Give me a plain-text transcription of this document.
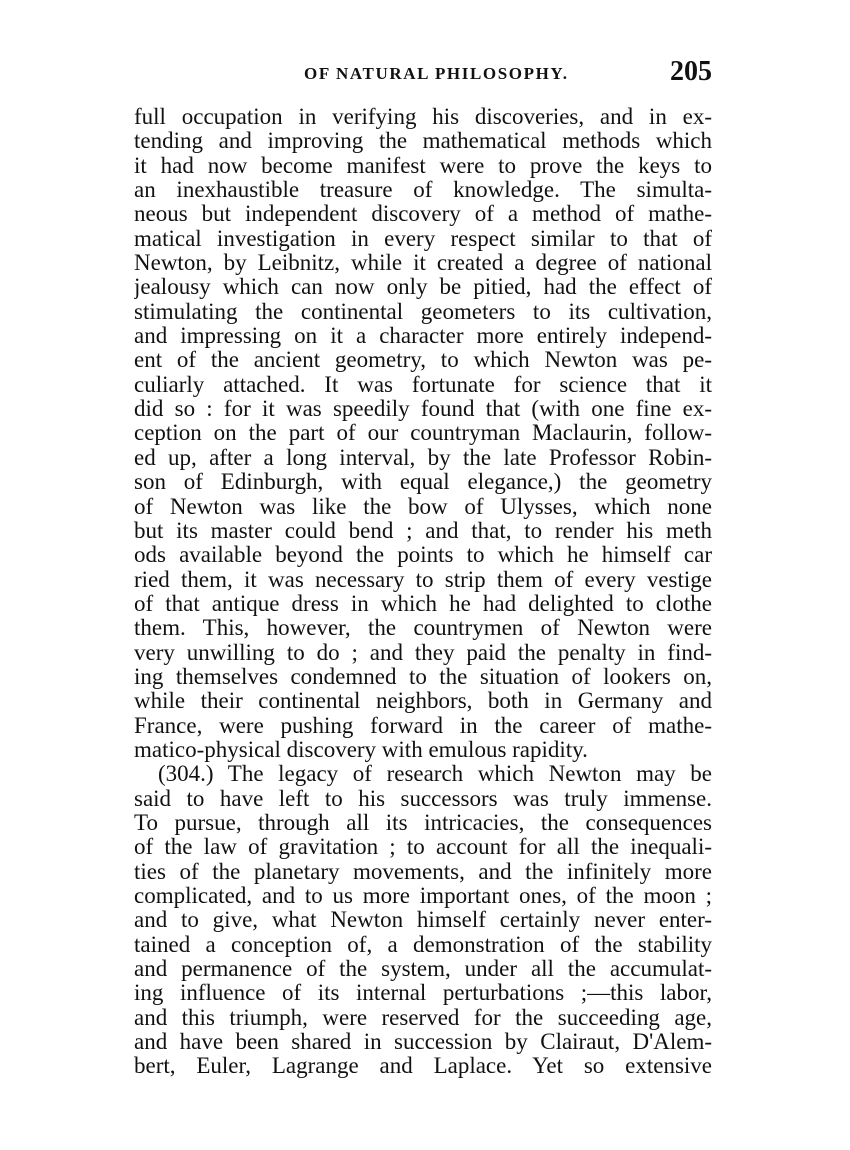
OF NATURAL PHILOSOPHY.	205
full occupation in verifying his discoveries, and in ex-
tending and improving the mathematical methods which
it had now become manifest were to prove the keys to
an inexhaustible treasure of knowledge. The simulta-
neous but independent discovery of a method of mathe-
matical investigation in every respect similar to that of
Newton, by Leibnitz, while it created a degree of national
jealousy which can now only be pitied, had the effect of
stimulating the continental geometers to its cultivation,
and impressing on it a character more entirely independ-
ent of the ancient geometry, to which Newton was pe-
culiarly attached. It was fortunate for science that it
did so : for it was speedily found that (with one fine ex-
ception on the part of our countryman Maclaurin, follow-
ed up, after a long interval, by the late Professor Robin-
son of Edinburgh, with equal elegance,) the geometry
of Newton was like the bow of Ulysses, which none
but its master could bend ; and that, to render his meth
ods available beyond the points to which he himself car
ried them, it was necessary to strip them of every vestige
of that antique dress in which he had delighted to clothe
them. This, however, the countrymen of Newton were
very unwilling to do ; and they paid the penalty in find-
ing themselves condemned to the situation of lookers on,
while their continental neighbors, both in Germany and
France, were pushing forward in the career of mathe-
matico-physical discovery with emulous rapidity.
(304.) The legacy of research which Newton may be
said to have left to his successors was truly immense.
To pursue, through all its intricacies, the consequences
of the law of gravitation ; to account for all the inequali-
ties of the planetary movements, and the infinitely more
complicated, and to us more important ones, of the moon ;
and to give, what Newton himself certainly never enter-
tained a conception of, a demonstration of the stability
and permanence of the system, under all the accumulat-
ing influence of its internal perturbations ;—this labor,
and this triumph, were reserved for the succeeding age,
and have been shared in succession by Clairaut, D'Alem-
bert, Euler, Lagrange and Laplace. Yet so extensive
